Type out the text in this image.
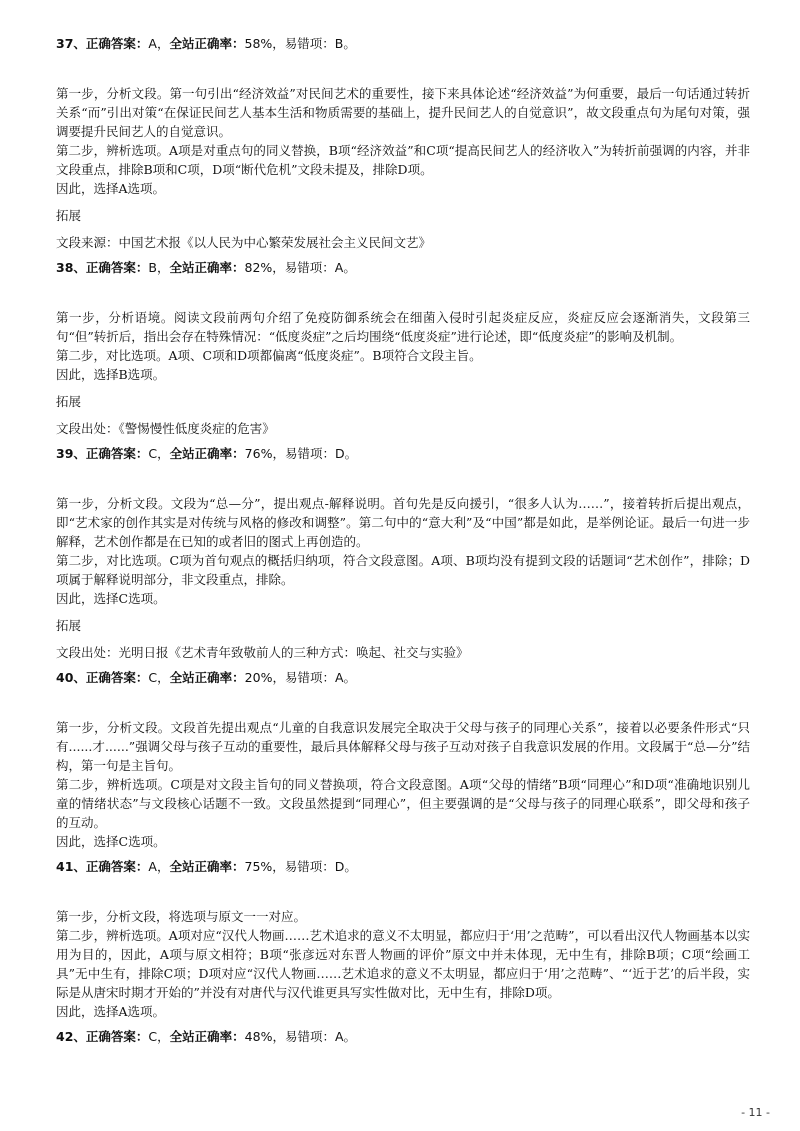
37、正确答案：A，全站正确率：58%，易错项：B。

第一步，分析文段。第一句引出“经济效益”对民间艺术的重要性，接下来具体论述“经济效益”为何重要，最后一句话通过转折关系“而”引出对策“在保证民间艺人基本生活和物质需要的基础上，提升民间艺人的自觉意识”，故文段重点句为尾句对策，强调要提升民间艺人的自觉意识。

第二步，辨析选项。A项是对重点句的同义替换，B项“经济效益”和C项“提高民间艺人的经济收入”为转折前强调的内容，并非文段重点，排除B项和C项，D项“断代危机”文段未提及，排除D项。

因此，选择A选项。

拓展

文段来源：中国艺术报《以人民为中心繁荣发展社会主义民间文艺》

38、正确答案：B，全站正确率：82%，易错项：A。

第一步，分析语境。阅读文段前两句介绍了免疫防御系统会在细菌入侵时引起炎症反应，炎症反应会逐渐消失，文段第三句“但”转折后，指出会存在特殊情况：“低度炎症”之后均围绕“低度炎症”进行论述，即“低度炎症”的影响及机制。

第二步，对比选项。A项、C项和D项都偏离“低度炎症”。B项符合文段主旨。

因此，选择B选项。

拓展

文段出处：《警惕慢性低度炎症的危害》

39、正确答案：C，全站正确率：76%，易错项：D。

第一步，分析文段。文段为“总—分”，提出观点-解释说明。首句先是反向援引，“很多人认为……”，接着转折后提出观点，即“艺术家的创作其实是对传统与风格的修改和调整”。第二句中的“意大利”及“中国”都是如此，是举例论证。最后一句进一步解释，艺术创作都是在已知的或者旧的图式上再创造的。

第二步，对比选项。C项为首句观点的概括归纳项，符合文段意图。A项、B项均没有提到文段的话题词“艺术创作”，排除；D项属于解释说明部分，非文段重点，排除。

因此，选择C选项。

拓展

文段出处：光明日报《艺术青年致敬前人的三种方式：唤起、社交与实验》

40、正确答案：C，全站正确率：20%，易错项：A。

第一步，分析文段。文段首先提出观点“儿童的自我意识发展完全取决于父母与孩子的同理心关系”，接着以必要条件形式“只有......才......”强调父母与孩子互动的重要性，最后具体解释父母与孩子互动对孩子自我意识发展的作用。文段属于“总—分”结构，第一句是主旨句。

第二步，辨析选项。C项是对文段主旨句的同义替换项，符合文段意图。A项“父母的情绪”B项“同理心”和D项“准确地识别儿童的情绪状态”与文段核心话题不一致。文段虽然提到“同理心”，但主要强调的是“父母与孩子的同理心联系”，即父母和孩子的互动。

因此，选择C选项。

41、正确答案：A，全站正确率：75%，易错项：D。

第一步，分析文段，将选项与原文一一对应。

第二步，辨析选项。A项对应“汉代人物画……艺术追求的意义不太明显，都应归于‘用’之范畴”，可以看出汉代人物画基本以实用为目的，因此，A项与原文相符；B项“张彦远对东晋人物画的评价”原文中并未体现，无中生有，排除B项；C项“绘画工具”无中生有，排除C项；D项对应“汉代人物画……艺术追求的意义不太明显，都应归于‘用’之范畴”、“‘近于艺’的后半段，实际是从唐宋时期才开始的”并没有对唐代与汉代谁更具写实性做对比，无中生有，排除D项。

因此，选择A选项。

42、正确答案：C，全站正确率：48%，易错项：A。
- 11 -
